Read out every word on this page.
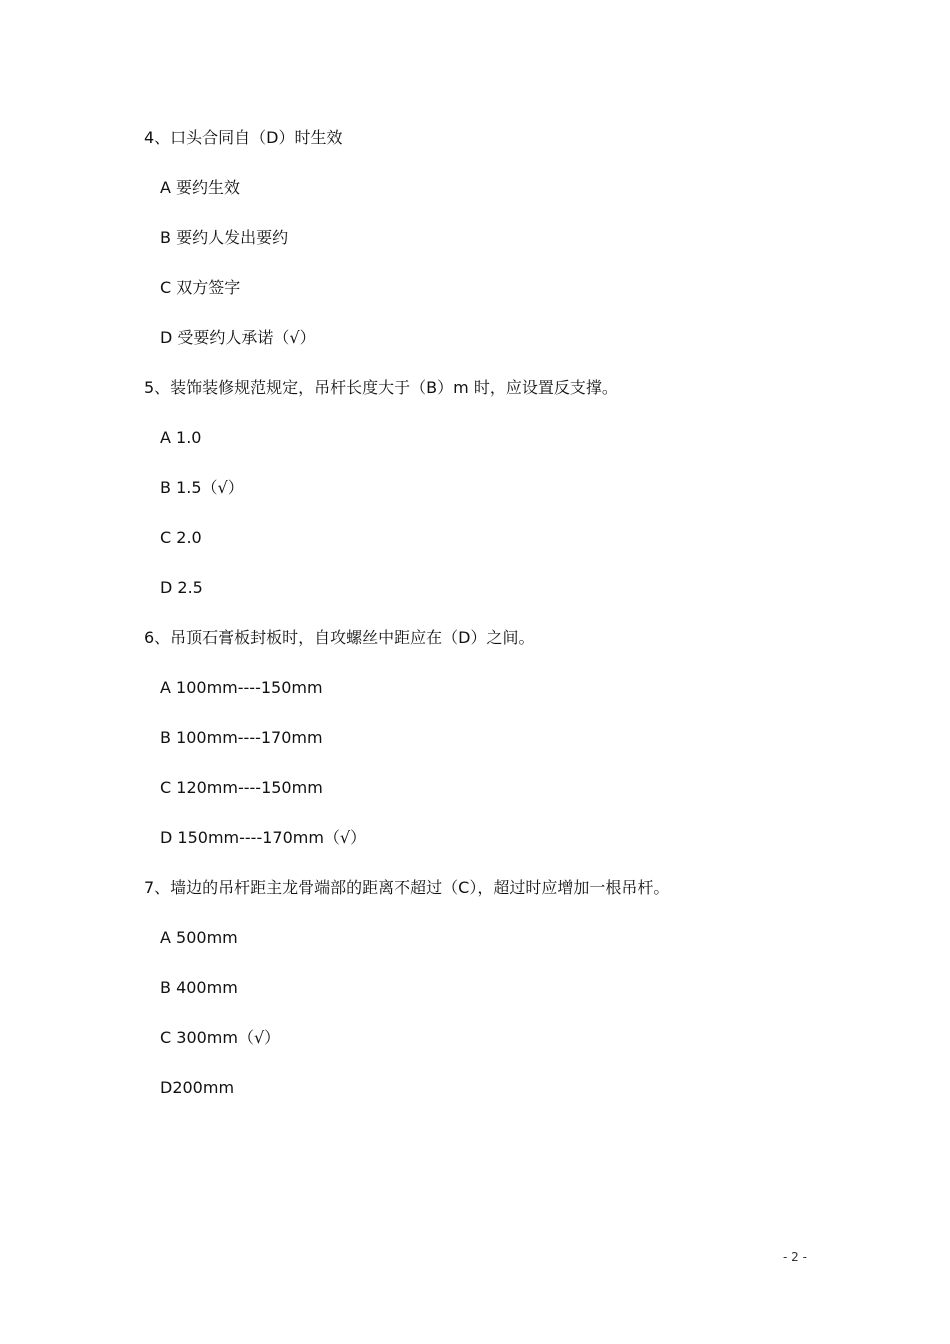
4、口头合同自（D）时生效
A 要约生效
B 要约人发出要约
C 双方签字
D 受要约人承诺（√）
5、装饰装修规范规定，吊杆长度大于（B）m 时，应设置反支撑。
A 1.0
B 1.5（√）
C 2.0
D 2.5
6、吊顶石膏板封板时，自攻螺丝中距应在（D）之间。
A 100mm----150mm
B 100mm----170mm
C 120mm----150mm
D 150mm----170mm（√）
7、墙边的吊杆距主龙骨端部的距离不超过（C），超过时应增加一根吊杆。
A 500mm
B 400mm
C 300mm（√）
D200mm
- 2 -
